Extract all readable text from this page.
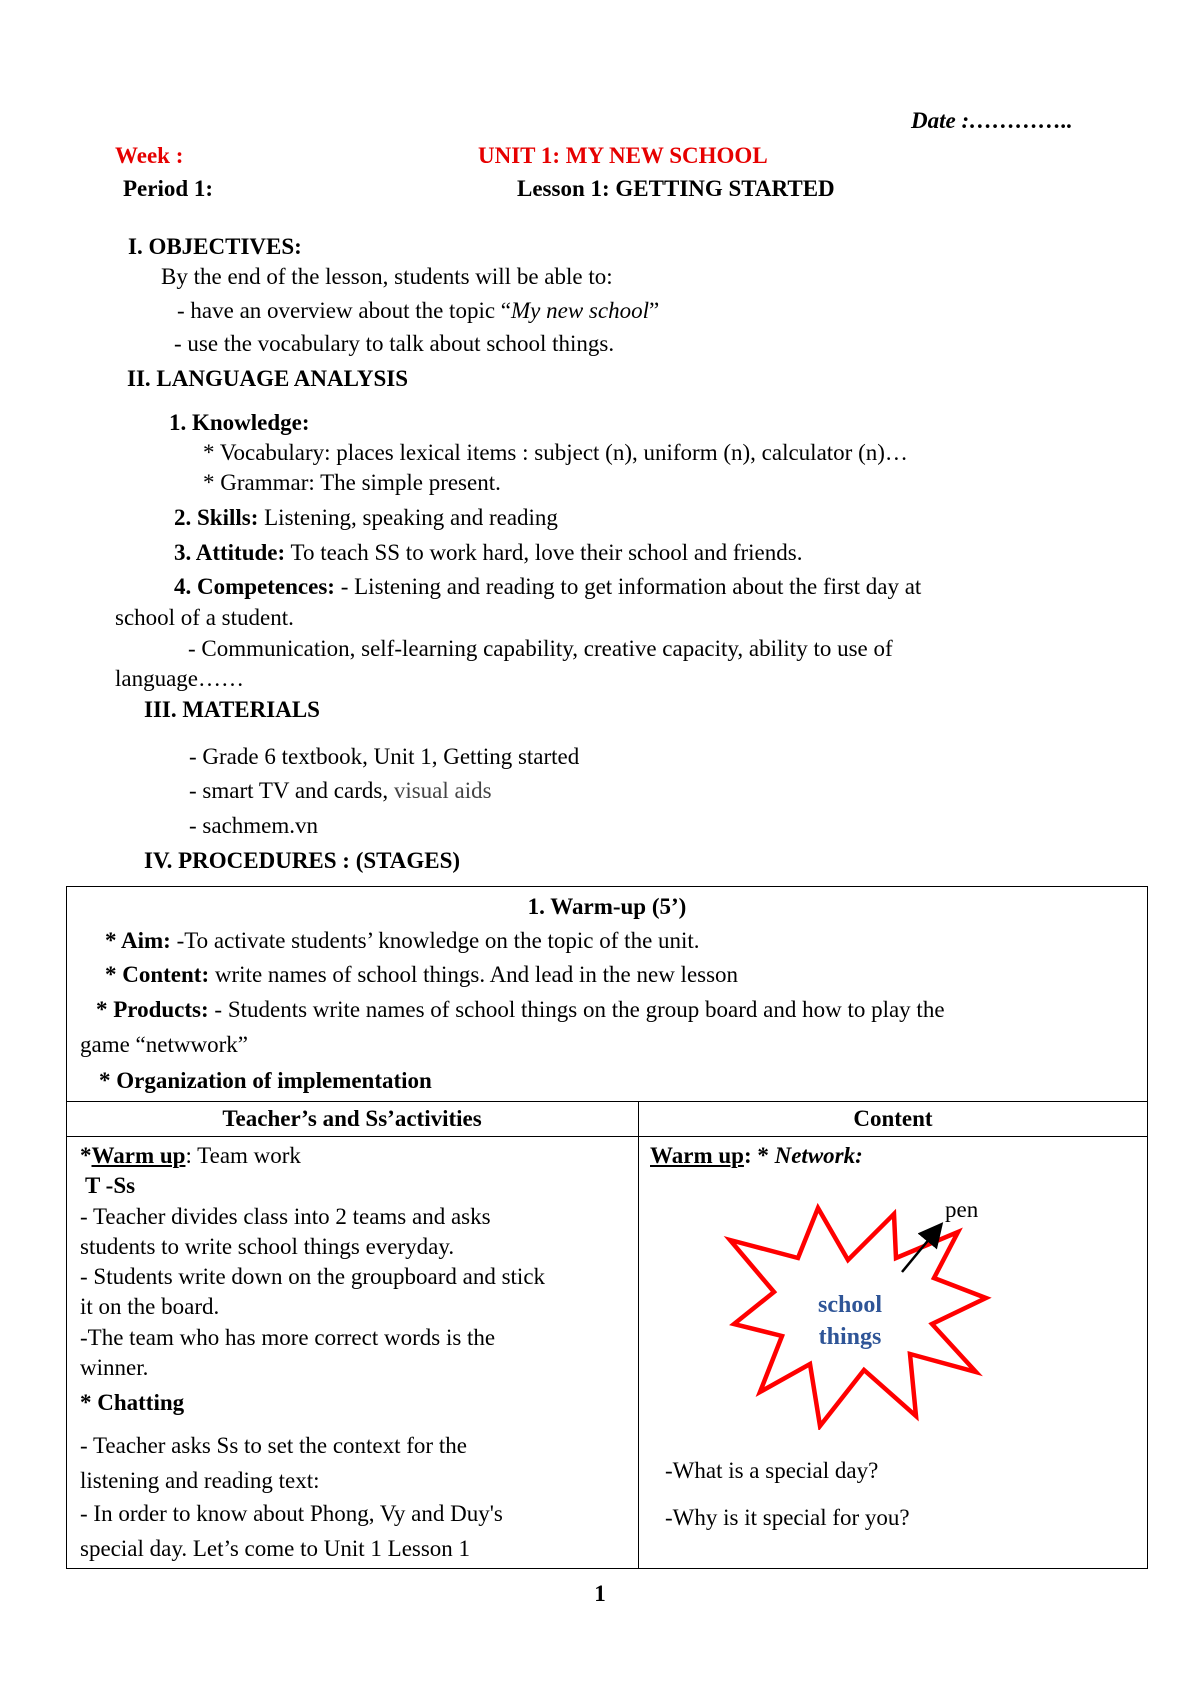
Date :…………..
Week :	UNIT 1: MY NEW SCHOOL
Period 1:	Lesson 1: GETTING STARTED
I. OBJECTIVES:
By the end of the lesson, students will be able to:
- have an overview about the topic “My new school”
- use the vocabulary to talk about school things.
II. LANGUAGE ANALYSIS
1. Knowledge:
* Vocabulary: places lexical items : subject (n), uniform (n), calculator (n)…
* Grammar: The simple present.
2. Skills: Listening, speaking and reading
3. Attitude: To teach SS to work hard, love their school and friends.
4. Competences: - Listening and reading to get information about the first day at
school of a student.
- Communication, self-learning capability, creative capacity, ability to use of
language……
III. MATERIALS
- Grade 6 textbook, Unit 1, Getting started
- smart TV and cards, visual aids
- sachmem.vn
IV. PROCEDURES : (STAGES)
1. Warm-up (5’)
* Aim: -To activate students’ knowledge on the topic of the unit.
* Content: write names of school things. And lead in the new lesson
* Products: - Students write names of school things on the group board and how to play the
game “netwwork”
* Organization of implementation
Teacher’s and Ss’activities	Content
*Warm up: Team work
T -Ss
- Teacher divides class into 2 teams and asks
students to write school things everyday.
- Students write down on the groupboard and stick
it on the board.
-The team who has more correct words is the
winner.
* Chatting
- Teacher asks Ss to set the context for the
listening and reading text:
- In order to know about Phong, Vy and Duy's
special day. Let’s come to Unit 1 Lesson 1
Warm up: * Network:
pen
school
things
-What is a special day?
-Why is it special for you?
1
